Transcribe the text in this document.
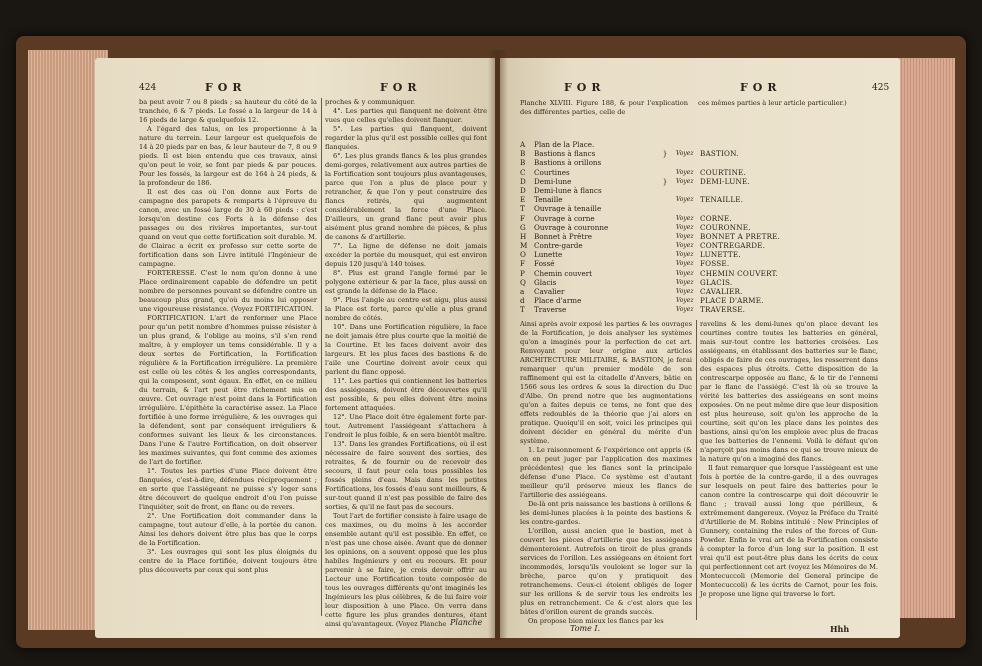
424	FOR	FOR

ba peut avoir 7 ou 8 pieds ; sa hauteur du côté de la tranchée, 6 & 7 pieds. Le fossé a la largeur de 14 à 16 pieds de large & quelquefois 12.

A l'égard des talus, on les proportionne à la nature du terrein. Leur largeur est quelquefois de 14 à 20 pieds par en bas, & leur hauteur de 7, 8 ou 9 pieds. Il est bien entendu que ces travaux, ainsi qu'on peut le voir, se font par pieds & par pouces. Pour les fossés, la largeur est de 164 à 24 pieds, & la profondeur de 186.

Il est des cas où l'on donne aux Forts de campagne des parapets & remparts à l'épreuve du canon, avec un fossé large de 30 à 60 pieds : c'est lorsqu'on destine ces Forts à la défense des passages ou des rivières importantes, sur-tout quand on veut que cette fortification soit durable. M. de Clairac a écrit ex professo sur cette sorte de fortification dans son Livre intitulé l'Ingénieur de campagne.

FORTERESSE. C'est le nom qu'on donne à une Place ordinairement capable de défendre un petit nombre de personnes pouvant se défendre contre un beaucoup plus grand, qu'où du moins lui opposer une vigoureuse résistance. (Voyez FORTIFICATION.

FORTIFICATION. L'art de renfermer une Place pour qu'un petit nombre d'hommes puisse résister à un plus grand, & l'oblige au moins, s'il s'en rend maître, à y employer un tems considérable. Il y a deux sortes de Fortification, la Fortification régulière & la Fortification irrégulière. La première est celle où les côtés & les angles correspondants, qui la composent, sont égaux. En effet, en ce milieu du terrain, & l'art peut être richement mis en œuvre. Cet ouvrage n'est point dans la Fortification irrégulière. L'épithète la caractérise assez. La Place fortifiée à une forme irrégulière, & les ouvrages qui la défendent, sont par conséquent irréguliers & conformes suivant les lieux & les circonstances. Dans l'une & l'autre Fortification, on doit observer les maximes suivantes, qui font comme des axiomes de l'art de fortifier.

1°. Toutes les parties d'une Place doivent être flanquées, c'est-à-dire, défendues réciproquement ; en sorte que l'assiégeant ne puisse s'y loger sans être découvert de quelque endroit d'où l'on puisse l'inquiéter, soit de front, en flanc ou de revers.

2°. Une Fortification doit commander dans la campagne, tout autour d'elle, à la portée du canon. Ainsi les dehors doivent être plus bas que le corps de la Fortification.

3°. Les ouvrages qui sont les plus éloignés du centre de la Place fortifiée, doivent toujours être plus découverts par ceux qui sont plus

proches & y communiquer.

4°. Les parties qui flanquent ne doivent être vues que celles qu'elles doivent flanquer.

5°. Les parties qui flanquent, doivent regarder la plus qu'il est possible celles qui font flanquées.

6°. Les plus grands flancs & les plus grandes demi-gorges, relativement aux autres parties de la Fortification sont toujours plus avantageuses, parce que l'on a plus de place pour y retrancher, & que l'on y peut construire des flancs retirés, qui augmentent considérablement la force d'une Place. D'ailleurs, un grand flanc peut avoir plus aisément plus grand nombre de pièces, & plus de canons & d'artillerie.

7°. La ligne de défense ne doit jamais excéder la portée du mousquet, qui est environ depuis 120 jusqu'à 140 toises.

8°. Plus est grand l'angle formé par le polygone extérieur & par la face, plus aussi en est grande la défense de la Place.

9°. Plus l'angle au centre est aigu, plus aussi la Place est forte, parce qu'elle a plus grand nombre de côtés.

10°. Dans une Fortification régulière, la face ne doit jamais être plus courte que la moitié de la Courtine. Et les faces doivent avoir des largeurs. Et les plus faces des bastions & de l'aile une Courtine doivent avoir ceux qui parlent du flanc opposé.

11°. Les parties qui contiennent les batteries des assiégeans, doivent être découvertes qu'il est possible, & peu elles doivent être moins fortement attaquées.

12°. Une Place doit être également forte par-tout. Autrement l'assiégeant s'attachera à l'endroit le plus foible, & en sera bientôt maître.

13°. Dans les grandes Fortifications, où il est nécessaire de faire souvent des sorties, des retraites, & de fournir ou de recevoir des secours, il faut pour cela tous possibles les fossés pleins d'eau. Mais dans les petites Fortifications, les fossés d'eau sont meilleurs, & sur-tout quand il n'est pas possible de faire des sorties, & qu'il ne faut pas de secours.

Tout l'art de fortifier consiste à faire usage de ces maximes, ou du moins à les accorder ensemble autant qu'il est possible. En effet, ce n'est pas une chose aisée. Avant que de donner les opinions, on a souvent opposé que les plus habiles Ingénieurs y ont eu recours. Et pour parvenir à se faire, je crois devoir offrir au Lecteur une Fortification toute composée de tous les ouvrages différents qu'ont imaginés les Ingénieurs les plus célèbres, & de lui faire voir leur disposition à une Place. On verra dans cette figure les plus grandes dentures, étant ainsi qu'avantageux. (Voyez Planche Planche
FOR	FOR	425
Planche XLVIII. Figure 188, & pour l'explication des différentes parties, celle de
ces mêmes parties à leur article particulier.)
A	Plan de la Place.
B	Bastions à flancs	}	Voyez BASTION.
B	Bastions à orillons
C	Courtines	Voyez COURTINE.
D	Demi-lune	}	Voyez DEMI-LUNE.
D	Demi-lune à flancs
E	Tenaille	Voyez TENAILLE.
T	Ouvrage à tenaille
F	Ouvrage à corne	Voyez CORNE.
G	Ouvrage à couronne	Voyez COURONNE.
H	Bonnet à Prêtre	Voyez BONNET A PRETRE.
M Contre-garde	Voyez CONTREGARDE.
O	Lunette	Voyez LUNETTE.
F	Fossé	Voyez FOSSE.
P	Chemin couvert	Voyez CHEMIN COUVERT.
Q	Glacis	Voyez GLACIS.
a	Cavalier	Voyez CAVALIER.
d	Place d'arme	Voyez PLACE D'ARME.
T	Traverse	Voyez TRAVERSE.

Ainsi après avoir exposé les parties & les ouvrages de la Fortification, je dois analyser les systèmes qu'on a imaginés pour la perfection de cet art. Renvoyant pour leur origine aux articles ARCHITECTURE MILITAIRE, & BASTION, je ferai remarquer qu'un premier modèle de son raffinement qui est la citadelle d'Anvers, bâtie en 1566 sous les ordres & sous la direction du Duc d'Albe. On prend notre que les augmentations qu'on a faites depuis ce tems, ne font que des effets redoublés de la théorie que j'ai alors en pratique. Quoiqu'il en soit, voici les principes qui doivent décider en général du mérite d'un système.

1. Le raisonnement & l'expérience ont appris (& on en peut juger par l'application des maximes précédentes) que les flancs sont la principale défense d'une Place. Ce système est d'autant meilleur qu'il préserve mieux les flancs de l'artillerie des assiégeans.

De-là ont pris naissance les bastions à orillons & les demi-lunes placées à la pointe des bastions & les contre-gardes.

L'orillon, aussi ancien que le bastion, met à couvert les pièces d'artillerie que les assiégeans démonteroient. Autrefois on tiroit de plus grands services de l'orillon. Les assiégeans en étoient fort incommodés, lorsqu'ils vouloient se loger sur la brèche, parce qu'on y pratiquoit des retranchemens. Ceux-ci étoient obligés de loger sur les orillons & de servir tous les endroits les plus en retranchement. Ce & c'est alors que les bâtes d'orillon eurent de grands succès.

On propose bien mieux les flancs par les

ravelins & les demi-lunes qu'on place devant les courtines contre toutes les batteries en général, mais sur-tout contre les batteries croisées. Les assiégeans, en établissant des batteries sur le flanc, obligés de faire de ces ouvrages, les resserrent dans des espaces plus étroits. Cette disposition de la contrescarpe opposée au flanc, & le tir de l'ennemi par le flanc de l'assiégé. C'est là où se trouve la vérité les batteries des assiégeans en sont moins exposées. On ne peut même dire que leur disposition est plus heureuse, soit qu'on les approche de la courtine, soit qu'on les place dans les pointes des bastions, ainsi qu'on les emploie avec plus de fracas que les batteries de l'ennemi. Voilà le défaut qu'on n'aperçoit pas moins dans ce qui se trouve mieux de la nature qu'on a imaginé des flancs.

Il faut remarquer que lorsque l'assiégeant est une fois à portée de la contre-garde, il a des ouvrages sur lesquels on peut faire des batteries pour le canon contre la contrescarpe qui doit découvrir le flanc ; travail aussi long que périlleux, & extrêmement dangereux. (Voyez la Préface du Traité d'Artillerie de M. Robins intitulé : New Principles of Gunnery, containing the rules of the forces of Gun-Powder. Enfin le vrai art de la Fortification consiste à compter la force d'un long sur la position. Il est vrai qu'il est peut-être plus dans les écrits de ceux qui perfectionnent cet art (voyez les Mémoires de M. Montecuccoli (Memorie del General principe de Montecuccoli) & les écrits de Carnot, pour les fois. Je propose une ligne qui traverse le fort.

Tome I.	Hhh
